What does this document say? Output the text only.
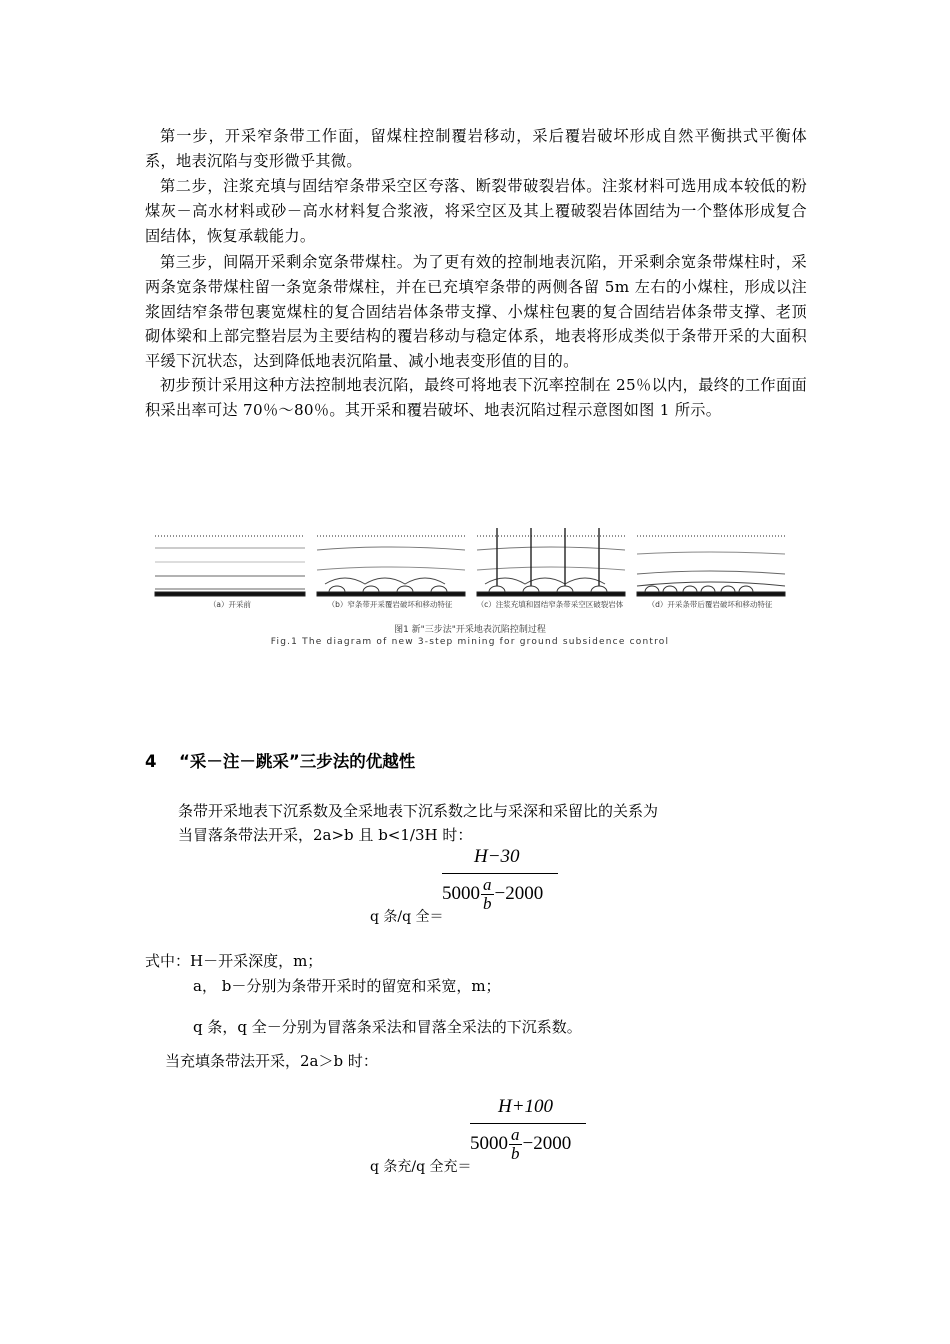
第一步，开采窄条带工作面，留煤柱控制覆岩移动，采后覆岩破坏形成自然平衡拱式平衡体系，地表沉陷与变形微乎其微。
第二步，注浆充填与固结窄条带采空区夸落、断裂带破裂岩体。注浆材料可选用成本较低的粉煤灰－高水材料或砂－高水材料复合浆液，将采空区及其上覆破裂岩体固结为一个整体形成复合固结体，恢复承载能力。
第三步，间隔开采剩余宽条带煤柱。为了更有效的控制地表沉陷，开采剩余宽条带煤柱时，采两条宽条带煤柱留一条宽条带煤柱，并在已充填窄条带的两侧各留 5m 左右的小煤柱，形成以注浆固结窄条带包裹宽煤柱的复合固结岩体条带支撑、小煤柱包裹的复合固结岩体条带支撑、老顶砌体梁和上部完整岩层为主要结构的覆岩移动与稳定体系，地表将形成类似于条带开采的大面积平缓下沉状态，达到降低地表沉陷量、减小地表变形值的目的。
初步预计采用这种方法控制地表沉陷，最终可将地表下沉率控制在 25％以内，最终的工作面面积采出率可达 70％～80％。其开采和覆岩破坏、地表沉陷过程示意图如图 1 所示。
（a）开采前	（b）窄条带开采覆岩破坏和移动特征	（c）注浆充填和固结窄条带采空区破裂岩体	（d）开采条带后覆岩破坏和移动特征
图1 新"三步法"开采地表沉陷控制过程
Fig.1 The diagram of new 3-step mining for ground subsidence control
4 “采－注－跳采”三步法的优越性
条带开采地表下沉系数及全采地表下沉系数之比与采深和采留比的关系为
当冒落条带法开采，2a>b 且 b<1/3H 时：
q 条/q 全＝
H−30
$5000 \frac{a}{b} -2000$
式中：H－开采深度，m；
a， b－分别为条带开采时的留宽和采宽，m；
q 条，q 全－分别为冒落条采法和冒落全采法的下沉系数。
当充填条带法开采，2a＞b 时：
q 条充/q 全充＝
H+100
$5000 \frac{a}{b} -2000$
